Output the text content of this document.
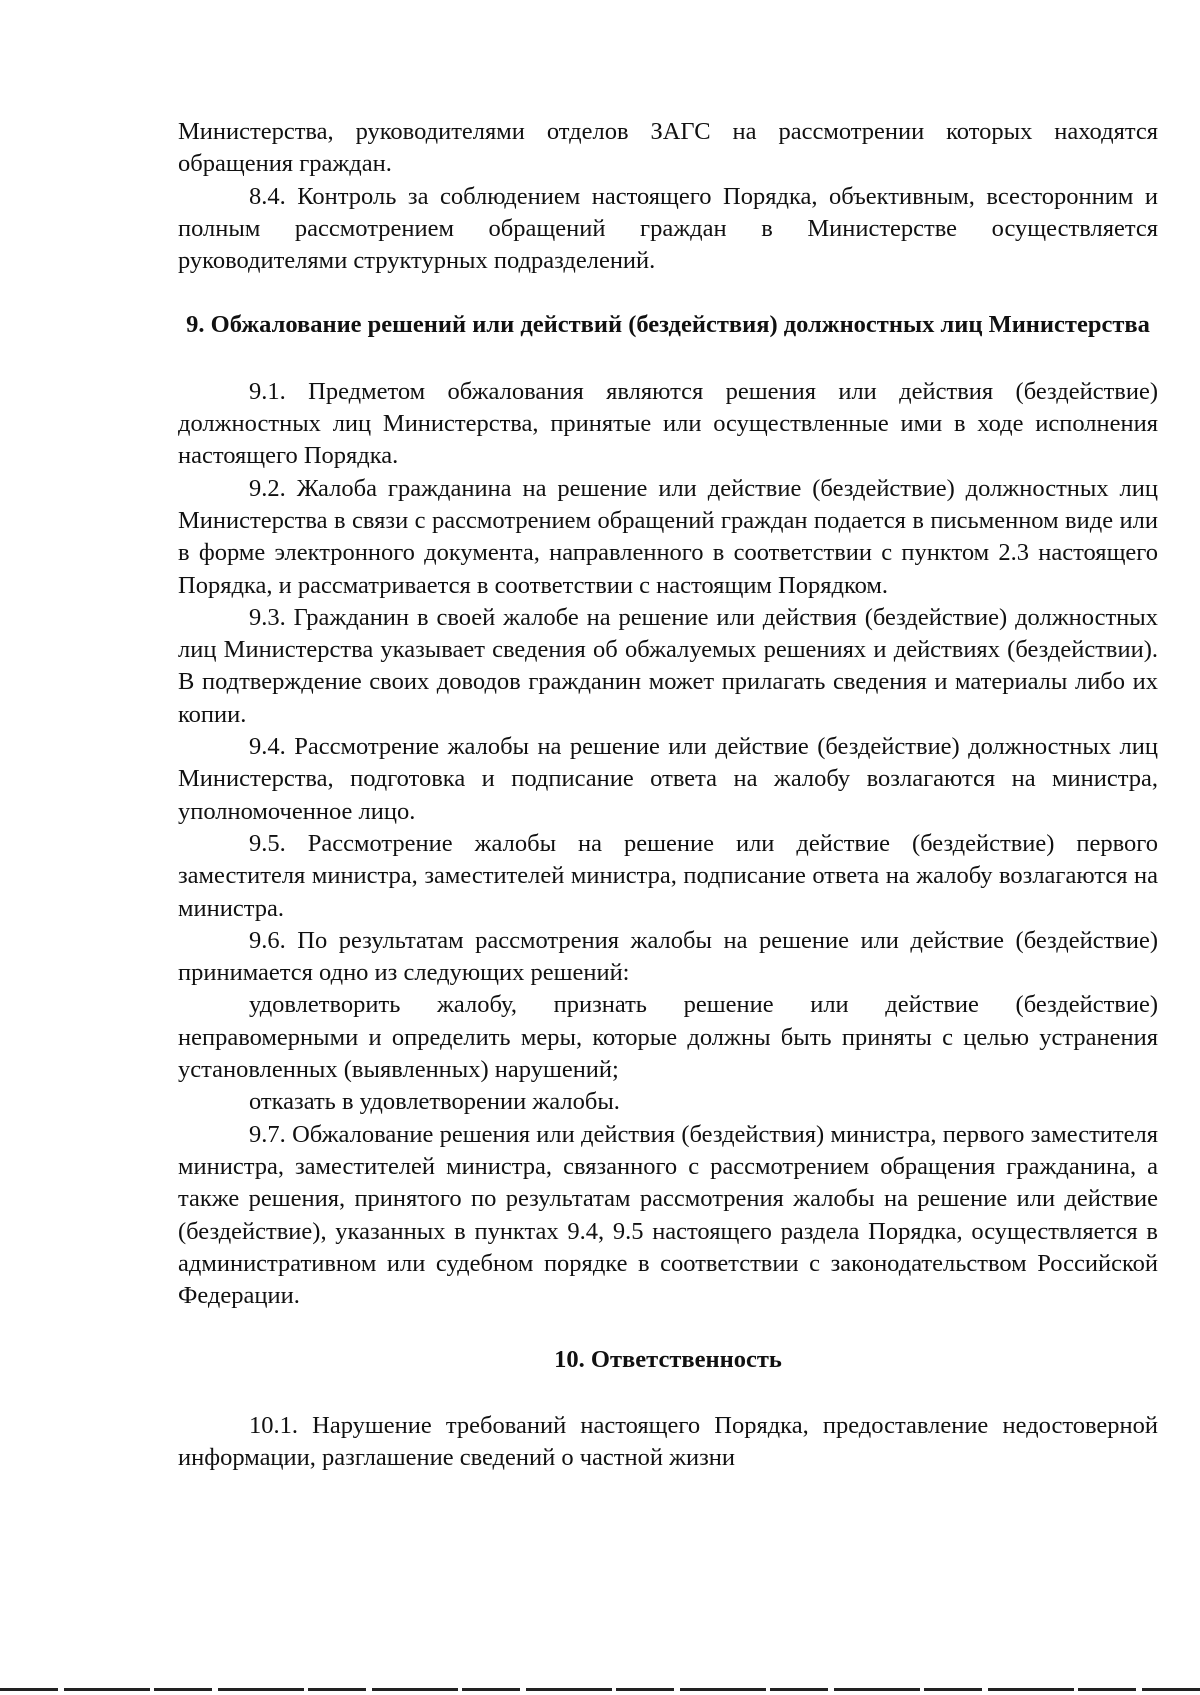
Министерства, руководителями отделов ЗАГС на рассмотрении которых находятся обращения граждан.

8.4. Контроль за соблюдением настоящего Порядка, объективным, всесторонним и полным рассмотрением обращений граждан в Министерстве осуществляется руководителями структурных подразделений.

9. Обжалование решений или действий (бездействия) должностных лиц Министерства

9.1. Предметом обжалования являются решения или действия (бездействие) должностных лиц Министерства, принятые или осуществленные ими в ходе исполнения настоящего Порядка.

9.2. Жалоба гражданина на решение или действие (бездействие) должностных лиц Министерства в связи с рассмотрением обращений граждан подается в письменном виде или в форме электронного документа, направленного в соответствии с пунктом 2.3 настоящего Порядка, и рассматривается в соответствии с настоящим Порядком.

9.3. Гражданин в своей жалобе на решение или действия (бездействие) должностных лиц Министерства указывает сведения об обжалуемых решениях и действиях (бездействии). В подтверждение своих доводов гражданин может прилагать сведения и материалы либо их копии.

9.4. Рассмотрение жалобы на решение или действие (бездействие) должностных лиц Министерства, подготовка и подписание ответа на жалобу возлагаются на министра, уполномоченное лицо.

9.5. Рассмотрение жалобы на решение или действие (бездействие) первого заместителя министра, заместителей министра, подписание ответа на жалобу возлагаются на министра.

9.6. По результатам рассмотрения жалобы на решение или действие (бездействие) принимается одно из следующих решений:

удовлетворить жалобу, признать решение или действие (бездействие) неправомерными и определить меры, которые должны быть приняты с целью устранения установленных (выявленных) нарушений;

отказать в удовлетворении жалобы.

9.7. Обжалование решения или действия (бездействия) министра, первого заместителя министра, заместителей министра, связанного с рассмотрением обращения гражданина, а также решения, принятого по результатам рассмотрения жалобы на решение или действие (бездействие), указанных в пунктах 9.4, 9.5 настоящего раздела Порядка, осуществляется в административном или судебном порядке в соответствии с законодательством Российской Федерации.

10. Ответственность

10.1. Нарушение требований настоящего Порядка, предоставление недостоверной информации, разглашение сведений о частной жизни
